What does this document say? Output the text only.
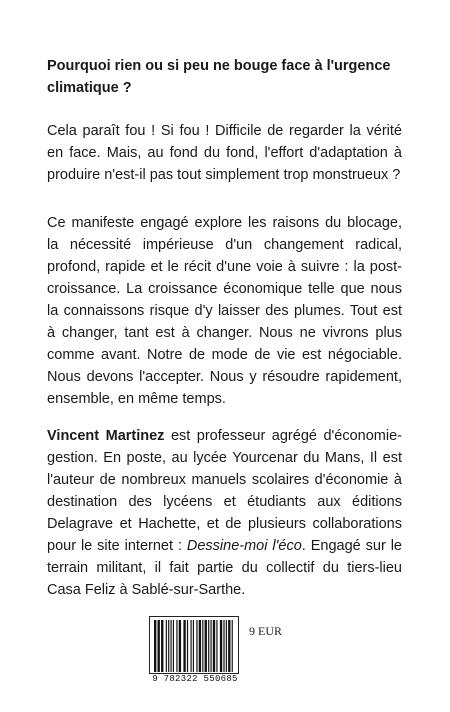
Pourquoi rien ou si peu ne bouge face à l'urgence climatique ?

Cela paraît fou ! Si fou ! Difficile de regarder la vérité en face. Mais, au fond du fond, l'effort d'adaptation à produire n'est-il pas tout simplement trop monstrueux ?

Ce manifeste engagé explore les raisons du blocage, la nécessité impérieuse d'un changement radical, profond, rapide et le récit d'une voie à suivre : la post-croissance. La croissance économique telle que nous la connaissons risque d'y laisser des plumes. Tout est à changer, tant est à changer. Nous ne vivrons plus comme avant. Notre de mode de vie est négociable. Nous devons l'accepter. Nous y résoudre rapidement, ensemble, en même temps.

Vincent Martinez est professeur agrégé d'économie-gestion. En poste, au lycée Yourcenar du Mans, Il est l'auteur de nombreux manuels scolaires d'économie à destination des lycéens et étudiants aux éditions Delagrave et Hachette, et de plusieurs collaborations pour le site internet : Dessine-moi l'éco. Engagé sur le terrain militant, il fait partie du collectif du tiers-lieu Casa Feliz à Sablé-sur-Sarthe.

9 782322 550685
9 EUR
